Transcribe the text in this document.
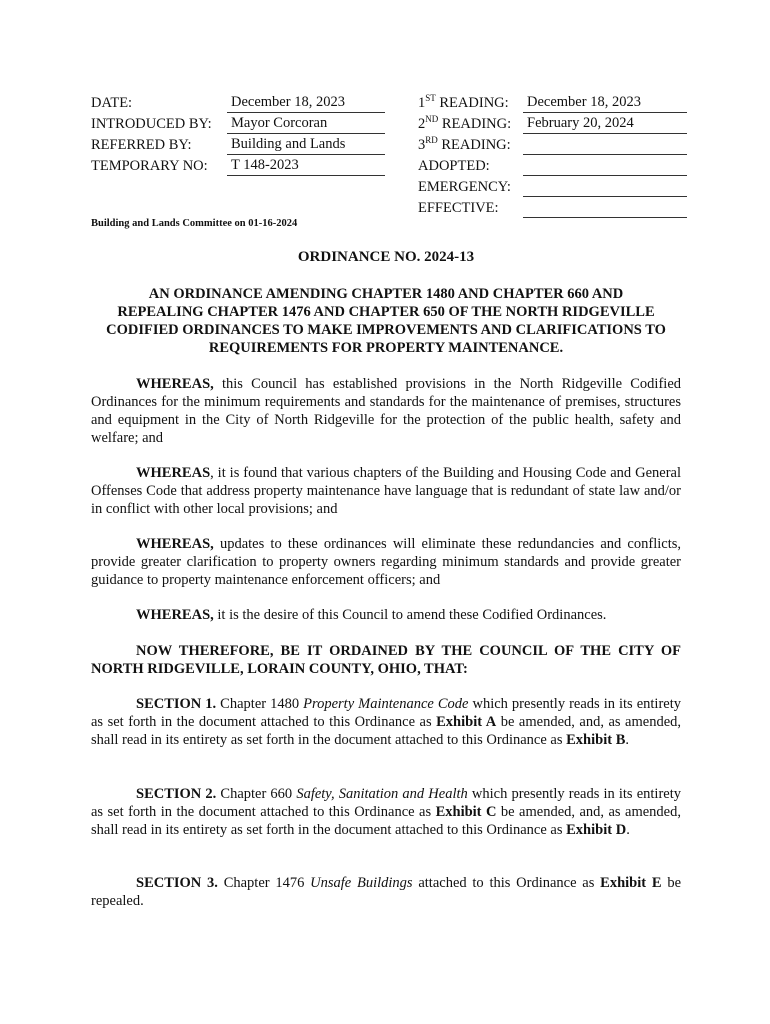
DATE:	December 18, 2023
INTRODUCED BY: Mayor Corcoran
REFERRED BY:	Building and Lands
TEMPORARY NO: T 148-2023
1ST READING: December 18, 2023
2ND READING: February 20, 2024
3RD READING:
ADOPTED:
EMERGENCY:
EFFECTIVE:
Building and Lands Committee on 01-16-2024
ORDINANCE NO. 2024-13
AN ORDINANCE AMENDING CHAPTER 1480 AND CHAPTER 660 AND
REPEALING CHAPTER 1476 AND CHAPTER 650 OF THE NORTH RIDGEVILLE
CODIFIED ORDINANCES TO MAKE IMPROVEMENTS AND CLARIFICATIONS TO
REQUIREMENTS FOR PROPERTY MAINTENANCE.
WHEREAS, this Council has established provisions in the North Ridgeville Codified Ordinances for the minimum requirements and standards for the maintenance of premises, structures and equipment in the City of North Ridgeville for the protection of the public health, safety and welfare; and
WHEREAS, it is found that various chapters of the Building and Housing Code and General Offenses Code that address property maintenance have language that is redundant of state law and/or in conflict with other local provisions; and
WHEREAS, updates to these ordinances will eliminate these redundancies and conflicts, provide greater clarification to property owners regarding minimum standards and provide greater guidance to property maintenance enforcement officers; and
WHEREAS, it is the desire of this Council to amend these Codified Ordinances.
NOW THEREFORE, BE IT ORDAINED BY THE COUNCIL OF THE CITY OF NORTH RIDGEVILLE, LORAIN COUNTY, OHIO, THAT:
SECTION 1. Chapter 1480 Property Maintenance Code which presently reads in its entirety as set forth in the document attached to this Ordinance as Exhibit A be amended, and, as amended, shall read in its entirety as set forth in the document attached to this Ordinance as Exhibit B.
SECTION 2. Chapter 660 Safety, Sanitation and Health which presently reads in its entirety as set forth in the document attached to this Ordinance as Exhibit C be amended, and, as amended, shall read in its entirety as set forth in the document attached to this Ordinance as Exhibit D.
SECTION 3. Chapter 1476 Unsafe Buildings attached to this Ordinance as Exhibit E be repealed.
